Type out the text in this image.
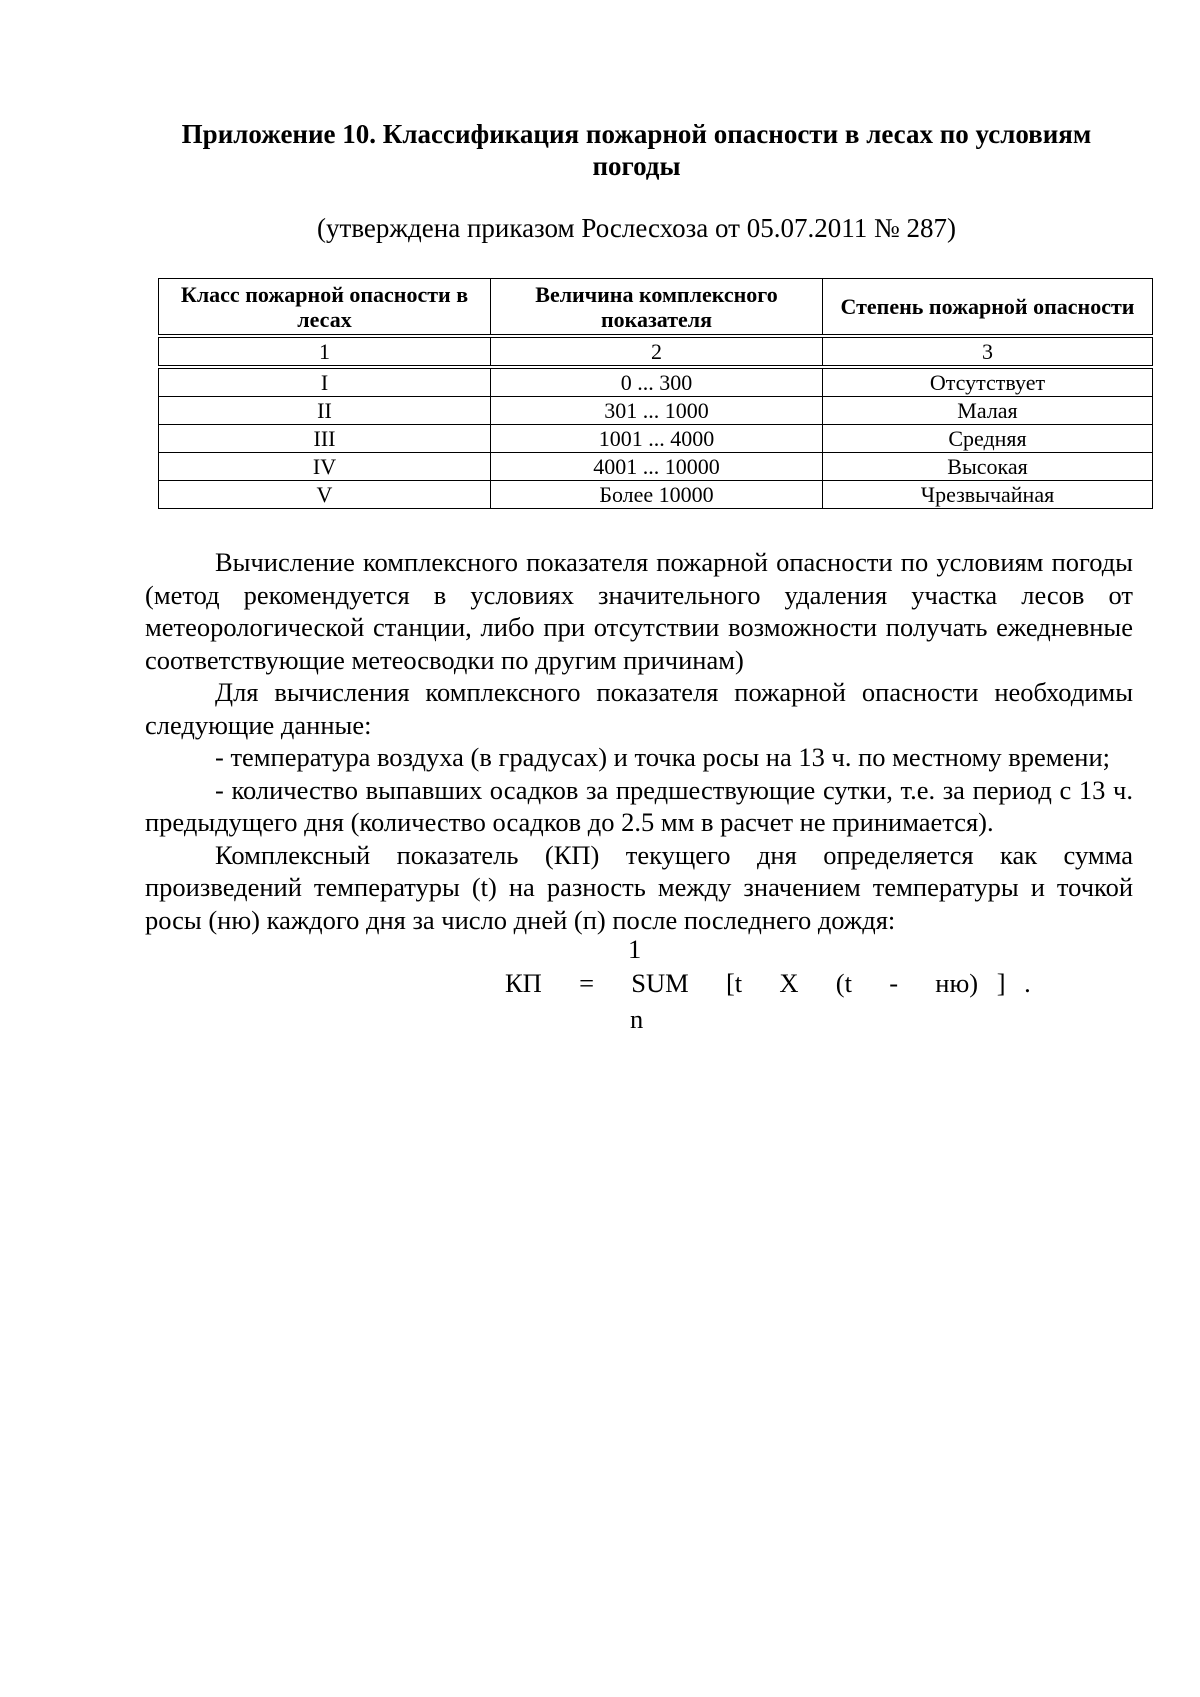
Приложение 10. Классификация пожарной опасности в лесах по условиям погоды
(утверждена приказом Рослесхоза от 05.07.2011 № 287)
Класс пожарной опасности в лесах	Величина комплексного показателя	Степень пожарной опасности
1	2	3
I	0 ... 300	Отсутствует
II	301 ... 1000	Малая
III	1001 ... 4000	Средняя
IV	4001 ... 10000	Высокая
V	Более 10000	Чрезвычайная

Вычисление комплексного показателя пожарной опасности по условиям погоды (метод рекомендуется в условиях значительного удаления участка лесов от метеорологической станции, либо при отсутствии возможности получать ежедневные соответствующие метеосводки по другим причинам)

Для вычисления комплексного показателя пожарной опасности необходимы следующие данные:

- температура воздуха (в градусах) и точка росы на 13 ч. по местному времени;

- количество выпавших осадков за предшествующие сутки, т.е. за период с 13 ч. предыдущего дня (количество осадков до 2.5 мм в расчет не принимается).

Комплексный показатель (КП) текущего дня определяется как сумма произведений температуры (t) на разность между значением температуры и точкой росы (ню) каждого дня за число дней (п) после последнего дождя:

1
КП  =  SUM  [t  X  (t  -  ню) ] .
n
